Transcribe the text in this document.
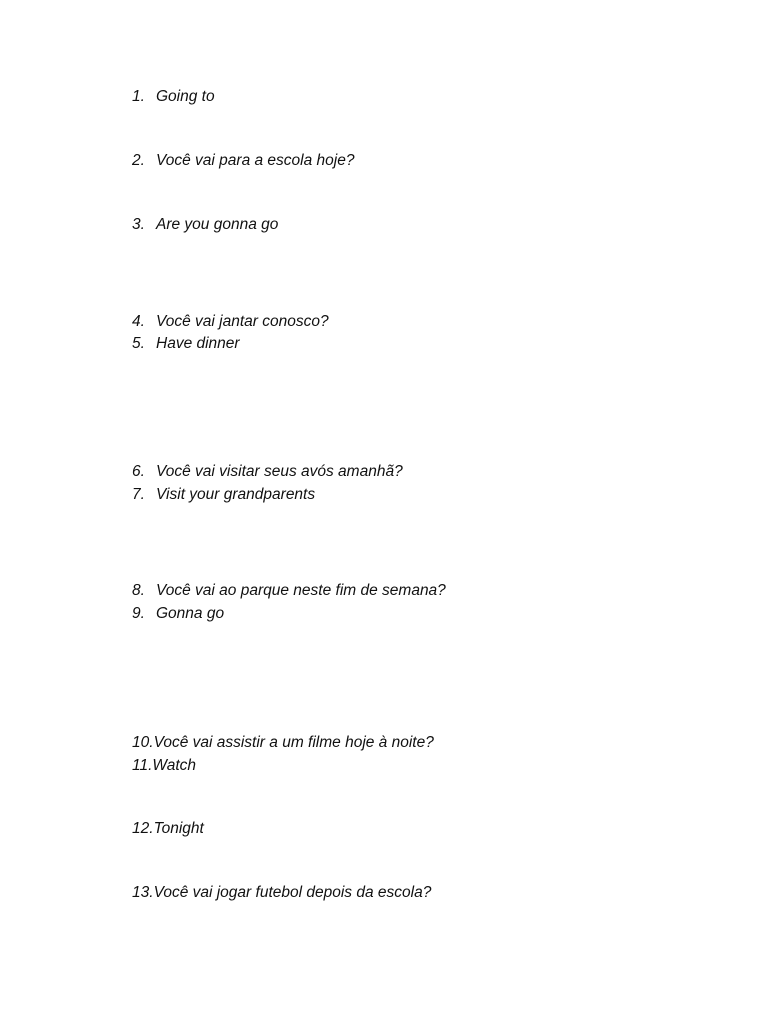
1. Going to
2. Você vai para a escola hoje?
3. Are you gonna go
4. Você vai jantar conosco?
5. Have dinner
6. Você vai visitar seus avós amanhã?
7. Visit your grandparents
8. Você vai ao parque neste fim de semana?
9. Gonna go
10.Você vai assistir a um filme hoje à noite?
11.Watch
12.Tonight
13.Você vai jogar futebol depois da escola?
